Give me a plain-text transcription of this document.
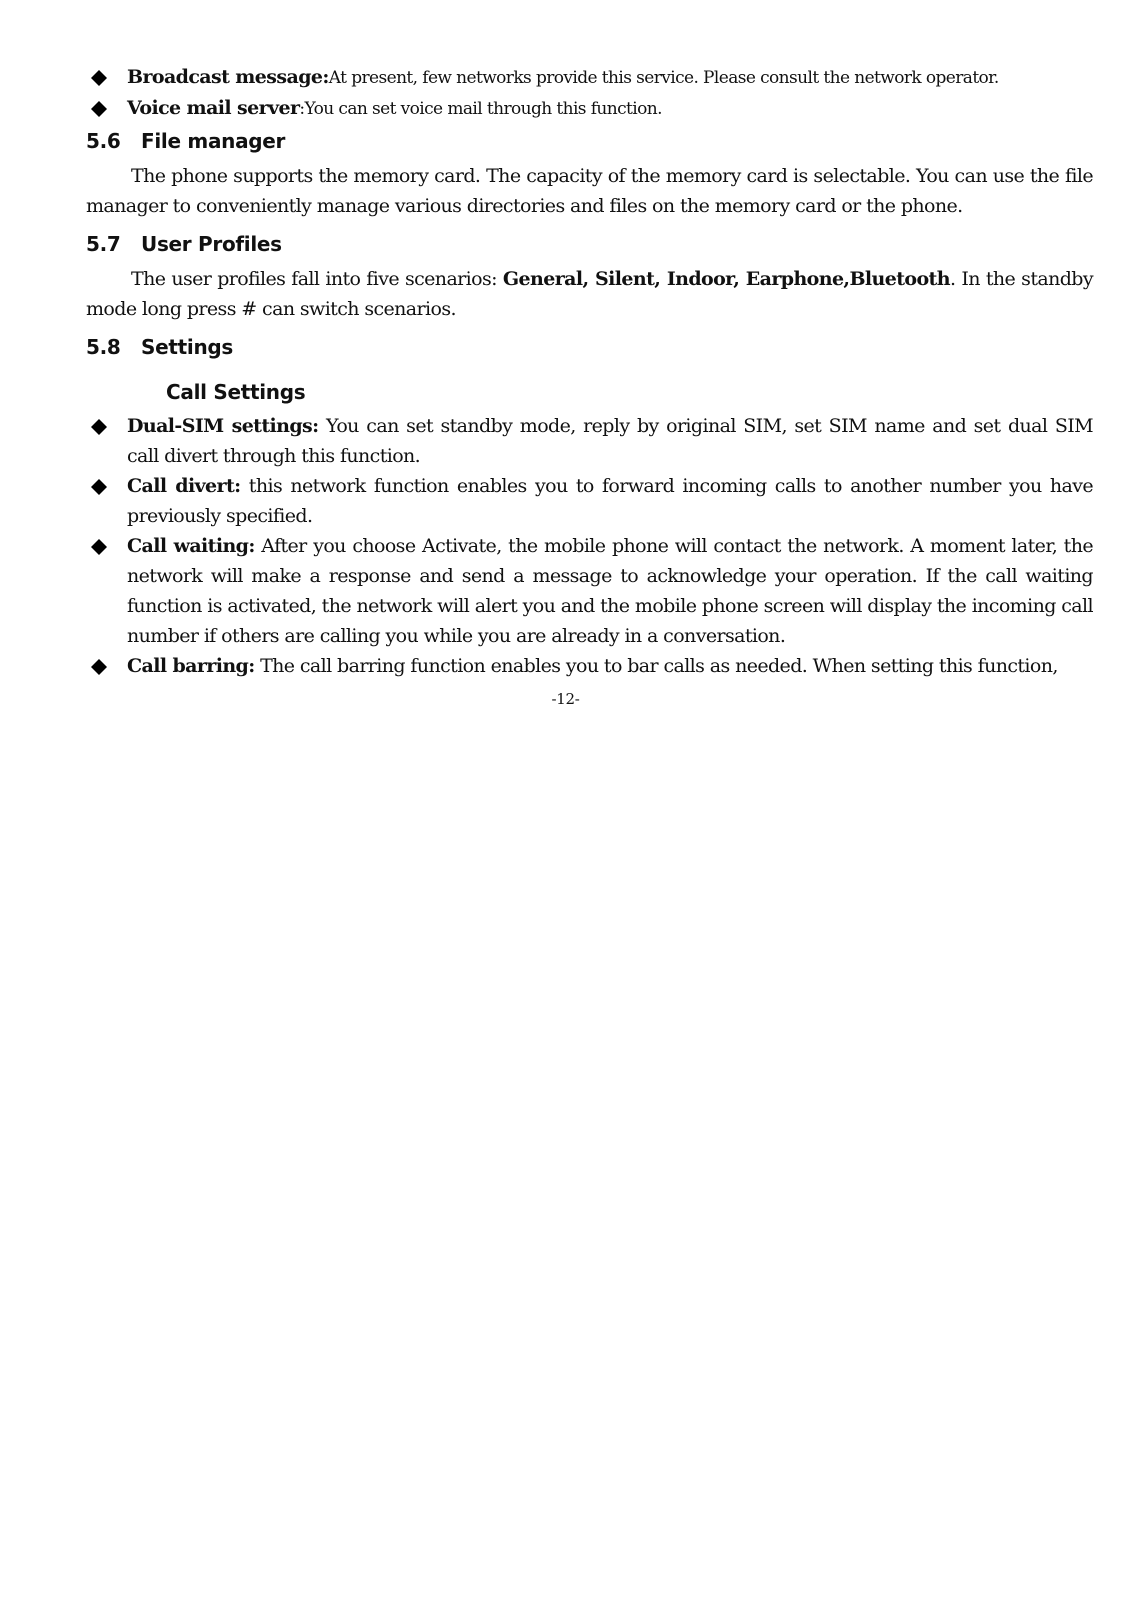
Broadcast message:At present, few networks provide this service. Please consult the network operator.
Voice mail server:You can set voice mail through this function.
5.6 File manager

The phone supports the memory card. The capacity of the memory card is selectable. You can use the file manager to conveniently manage various directories and files on the memory card or the phone.

5.7 User Profiles

The user profiles fall into five scenarios: General, Silent, Indoor, Earphone,Bluetooth. In the standby mode long press # can switch scenarios.

5.8 Settings
Call Settings
Dual-SIM settings: You can set standby mode, reply by original SIM, set SIM name and set dual SIM call divert through this function.
Call divert: this network function enables you to forward incoming calls to another number you have previously specified.
Call waiting: After you choose Activate, the mobile phone will contact the network. A moment later, the network will make a response and send a message to acknowledge your operation. If the call waiting function is activated, the network will alert you and the mobile phone screen will display the incoming call number if others are calling you while you are already in a conversation.
Call barring: The call barring function enables you to bar calls as needed. When setting this function,
-12-
